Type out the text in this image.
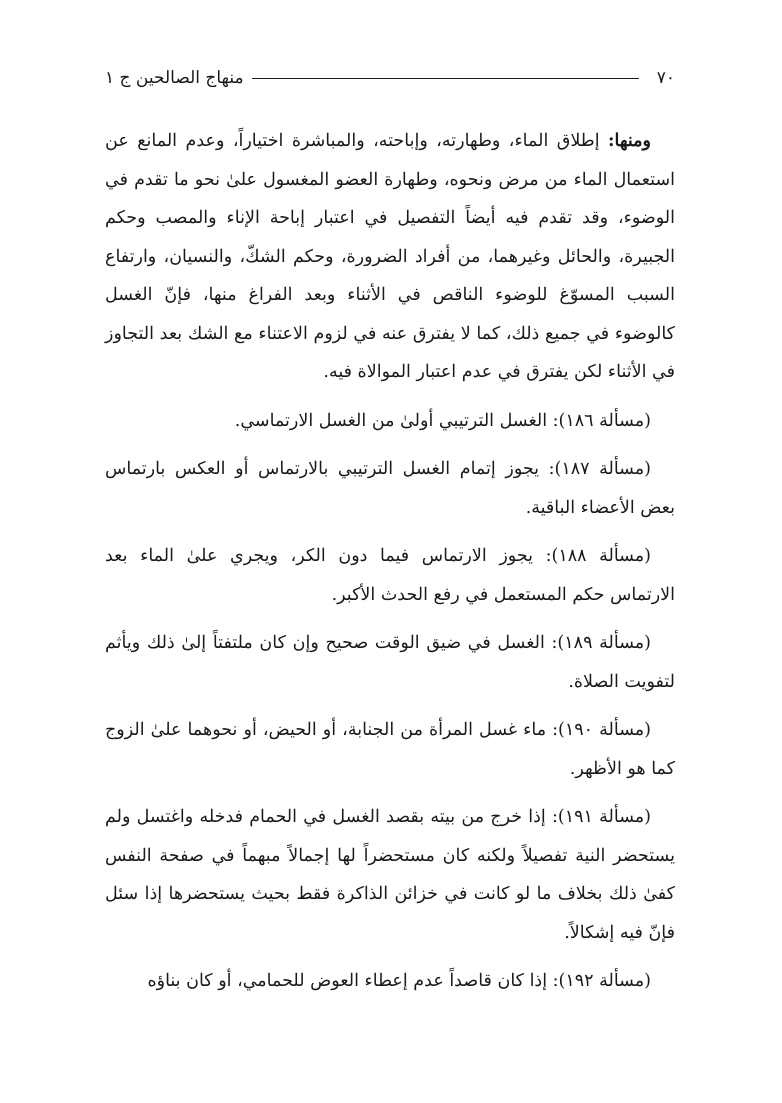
٧٠
منهاج الصالحين ج ١

ومنها: إطلاق الماء، وطهارته، وإباحته، والمباشرة اختياراً، وعدم المانع عن استعمال الماء من مرض ونحوه، وطهارة العضو المغسول علىٰ نحو ما تقدم في الوضوء، وقد تقدم فيه أيضاً التفصيل في اعتبار إباحة الإناء والمصب وحكم الجبيرة، والحائل وغيرهما، من أفراد الضرورة، وحكم الشكّ، والنسيان، وارتفاع السبب المسوّغ للوضوء الناقص في الأثناء وبعد الفراغ منها، فإنّ الغسل كالوضوء في جميع ذلك، كما لا يفترق عنه في لزوم الاعتناء مع الشك بعد التجاوز في الأثناء لكن يفترق في عدم اعتبار الموالاة فيه.

(مسألة ١٨٦): الغسل الترتيبي أولىٰ من الغسل الارتماسي.

(مسألة ١٨٧): يجوز إتمام الغسل الترتيبي بالارتماس أو العكس بارتماس بعض الأعضاء الباقية.

(مسألة ١٨٨): يجوز الارتماس فيما دون الكر، ويجري علىٰ الماء بعد الارتماس حكم المستعمل في رفع الحدث الأكبر.

(مسألة ١٨٩): الغسل في ضيق الوقت صحيح وإن كان ملتفتاً إلىٰ ذلك ويأثم لتفويت الصلاة.

(مسألة ١٩٠): ماء غسل المرأة من الجنابة، أو الحيض، أو نحوهما علىٰ الزوج كما هو الأظهر.

(مسألة ١٩١): إذا خرج من بيته بقصد الغسل في الحمام فدخله واغتسل ولم يستحضر النية تفصيلاً ولكنه كان مستحضراً لها إجمالاً مبهماً في صفحة النفس كفىٰ ذلك بخلاف ما لو كانت في خزائن الذاكرة فقط بحيث يستحضرها إذا سئل فإنّ فيه إشكالاً.

(مسألة ١٩٢): إذا كان قاصداً عدم إعطاء العوض للحمامي، أو كان بناؤه
